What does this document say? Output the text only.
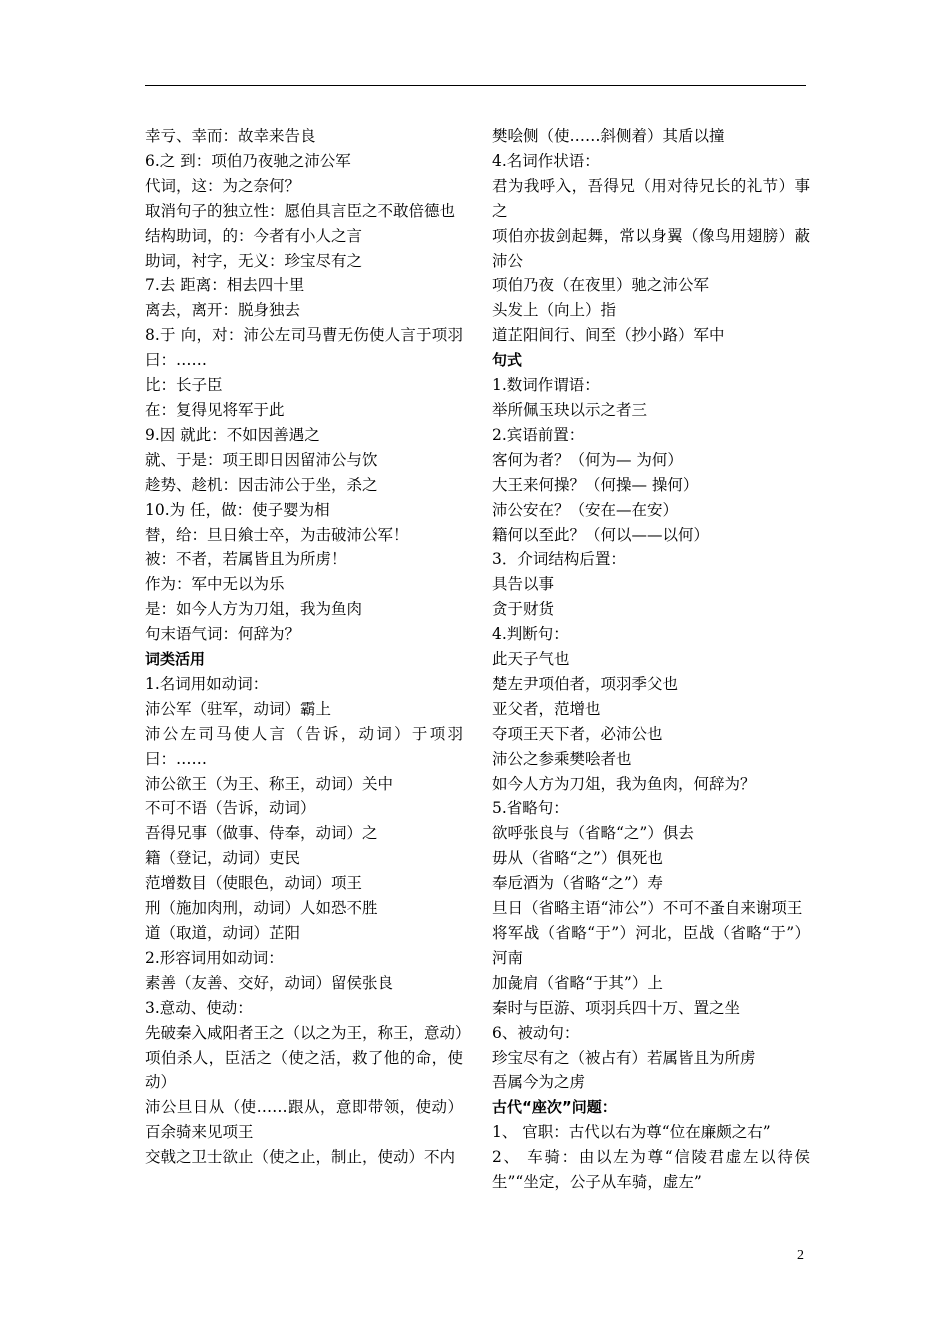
幸亏、幸而：故幸来告良
6.之 到：项伯乃夜驰之沛公军
代词，这：为之奈何？
取消句子的独立性：愿伯具言臣之不敢倍德也
结构助词，的：今者有小人之言
助词，衬字，无义：珍宝尽有之
7.去 距离：相去四十里
离去，离开：脱身独去
8.于 向，对：沛公左司马曹无伤使人言于项羽曰：……
比：长子臣
在：复得见将军于此
9.因 就此：不如因善遇之
就、于是：项王即日因留沛公与饮
趁势、趁机：因击沛公于坐，杀之
10.为 任，做：使子婴为相
替，给：旦日飨士卒，为击破沛公军！
被：不者，若属皆且为所虏！
作为：军中无以为乐
是：如今人方为刀俎，我为鱼肉
句末语气词：何辞为？
词类活用
1.名词用如动词：
沛公军（驻军，动词）霸上
沛公左司马使人言（告诉，动词）于项羽曰：……
沛公欲王（为王、称王，动词）关中
不可不语（告诉，动词）
吾得兄事（做事、侍奉，动词）之
籍（登记，动词）吏民
范增数目（使眼色，动词）项王
刑（施加肉刑，动词）人如恐不胜
道（取道，动词）芷阳
2.形容词用如动词：
素善（友善、交好，动词）留侯张良
3.意动、使动：
先破秦入咸阳者王之（以之为王，称王，意动）
项伯杀人，臣活之（使之活，救了他的命，使动）
沛公旦日从（使……跟从，意即带领，使动）百余骑来见项王
交戟之卫士欲止（使之止，制止，使动）不内
樊哙侧（使……斜侧着）其盾以撞
4.名词作状语：
君为我呼入，吾得兄（用对待兄长的礼节）事之
项伯亦拔剑起舞，常以身翼（像鸟用翅膀）蔽沛公
项伯乃夜（在夜里）驰之沛公军
头发上（向上）指
道芷阳间行、间至（抄小路）军中
句式
1.数词作谓语：
举所佩玉玦以示之者三
2.宾语前置：
客何为者？（何为— 为何）
大王来何操？（何操— 操何）
沛公安在？（安在—在安）
籍何以至此？（何以——以何）
3．介词结构后置：
具告以事
贪于财货
4.判断句：
此天子气也
楚左尹项伯者，项羽季父也
亚父者，范增也
夺项王天下者，必沛公也
沛公之参乘樊哙者也
如今人方为刀俎，我为鱼肉，何辞为？
5.省略句：
欲呼张良与（省略“之”）俱去
毋从（省略“之”）俱死也
奉卮酒为（省略“之”）寿
旦日（省略主语“沛公”）不可不蚤自来谢项王
将军战（省略“于”）河北，臣战（省略“于”）河南
加彘肩（省略“于其”）上
秦时与臣游、项羽兵四十万、置之坐
6、被动句：
珍宝尽有之（被占有）若属皆且为所虏
吾属今为之虏
古代“座次”问题：
1、 官职：古代以右为尊“位在廉颇之右”
2、 车骑：由以左为尊“信陵君虚左以待侯生”“坐定，公子从车骑，虚左”
2
